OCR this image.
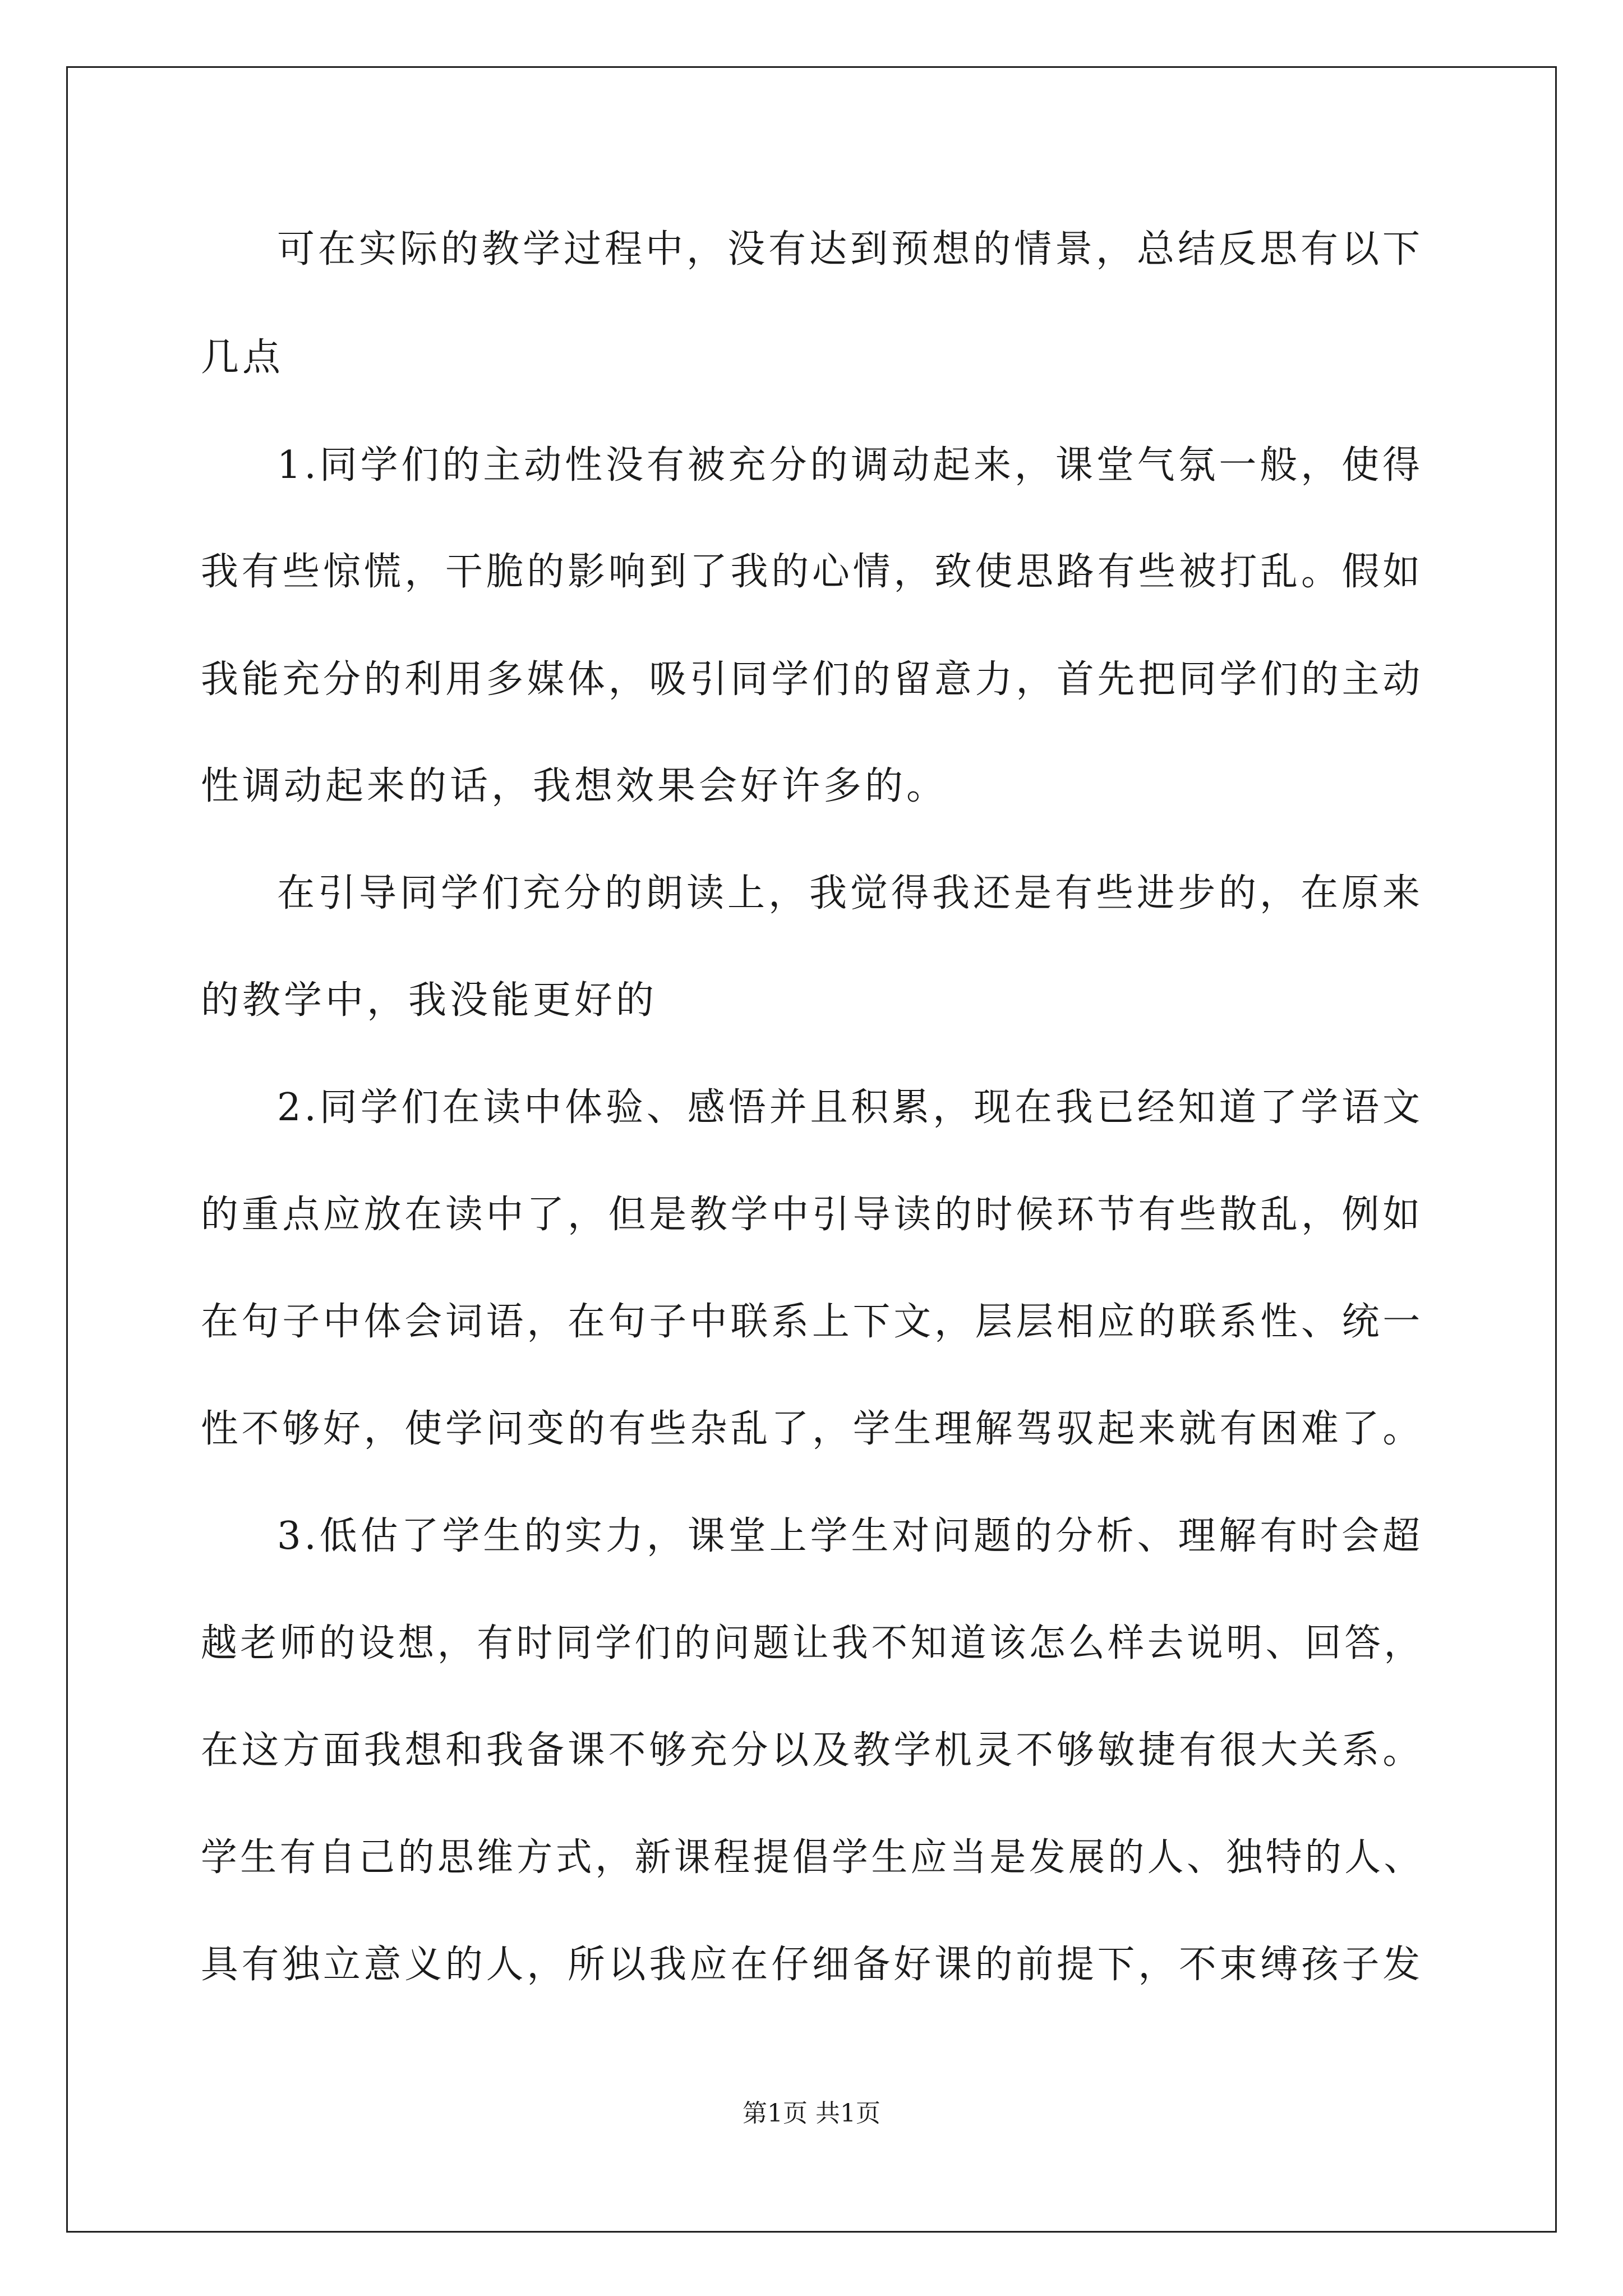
可在实际的教学过程中，没有达到预想的情景，总结反思有以下
几点
1.同学们的主动性没有被充分的调动起来，课堂气氛一般，使得
我有些惊慌，干脆的影响到了我的心情，致使思路有些被打乱。假如
我能充分的利用多媒体，吸引同学们的留意力，首先把同学们的主动
性调动起来的话，我想效果会好许多的。
在引导同学们充分的朗读上，我觉得我还是有些进步的，在原来
的教学中，我没能更好的
2.同学们在读中体验、感悟并且积累，现在我已经知道了学语文
的重点应放在读中了，但是教学中引导读的时候环节有些散乱，例如
在句子中体会词语，在句子中联系上下文，层层相应的联系性、统一
性不够好，使学问变的有些杂乱了，学生理解驾驭起来就有困难了。
3.低估了学生的实力，课堂上学生对问题的分析、理解有时会超
越老师的设想，有时同学们的问题让我不知道该怎么样去说明、回答，
在这方面我想和我备课不够充分以及教学机灵不够敏捷有很大关系。
学生有自己的思维方式，新课程提倡学生应当是发展的人、独特的人、
具有独立意义的人，所以我应在仔细备好课的前提下，不束缚孩子发
第1页 共1页
